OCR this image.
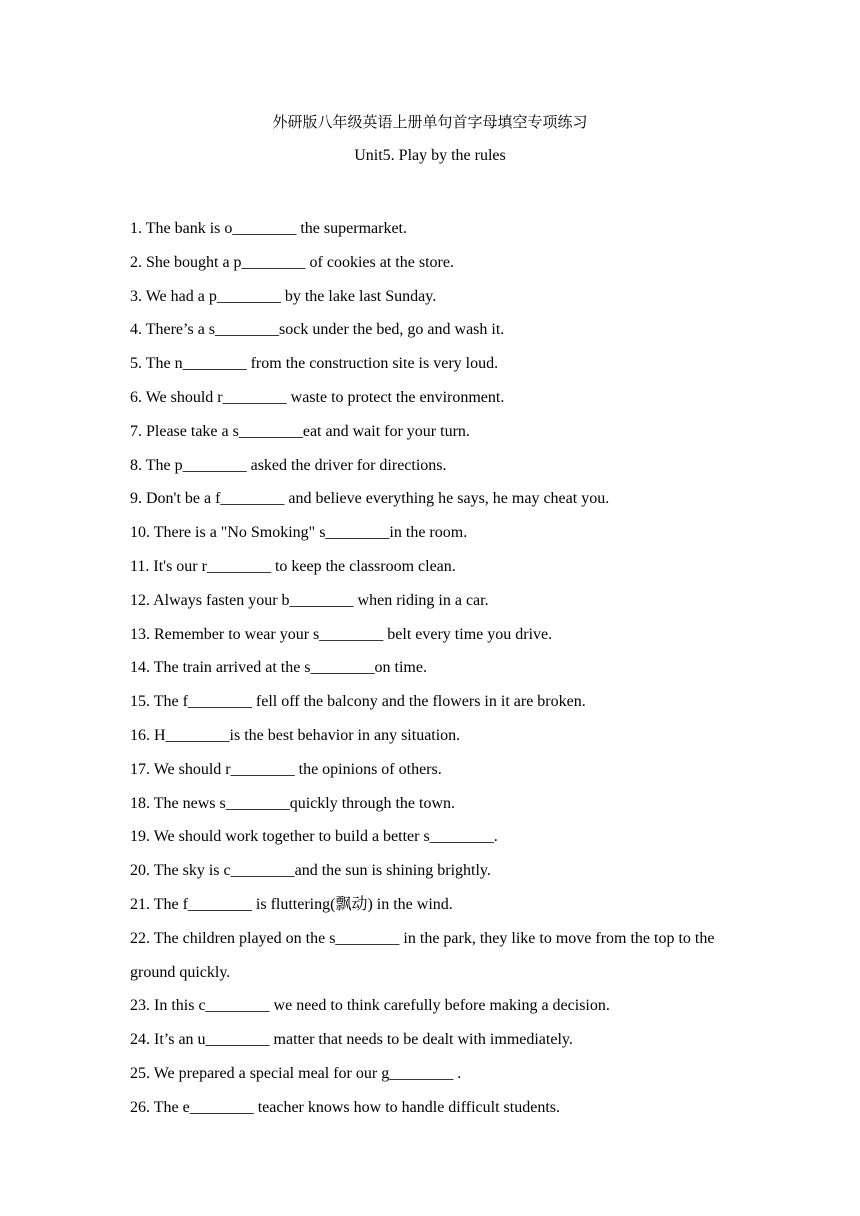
外研版八年级英语上册单句首字母填空专项练习
Unit5. Play by the rules
1. The bank is o________ the supermarket.
2. She bought a p________ of cookies at the store.
3. We had a p________ by the lake last Sunday.
4. There’s a s________sock under the bed, go and wash it.
5. The n________ from the construction site is very loud.
6. We should r________ waste to protect the environment.
7. Please take a s________eat and wait for your turn.
8. The p________ asked the driver for directions.
9. Don't be a f________ and believe everything he says, he may cheat you.
10. There is a "No Smoking" s________in the room.
11. It's our r________ to keep the classroom clean.
12. Always fasten your b________ when riding in a car.
13. Remember to wear your s________ belt every time you drive.
14. The train arrived at the s________on time.
15. The f________ fell off the balcony and the flowers in it are broken.
16. H________is the best behavior in any situation.
17. We should r________ the opinions of others.
18. The news s________quickly through the town.
19. We should work together to build a better s________.
20. The sky is c________and the sun is shining brightly.
21. The f________ is fluttering(飘动) in the wind.
22. The children played on the s________ in the park, they like to move from the top to the ground quickly.
23. In this c________ we need to think carefully before making a decision.
24. It’s an u________ matter that needs to be dealt with immediately.
25. We prepared a special meal for our g________ .
26. The e________ teacher knows how to handle difficult students.
